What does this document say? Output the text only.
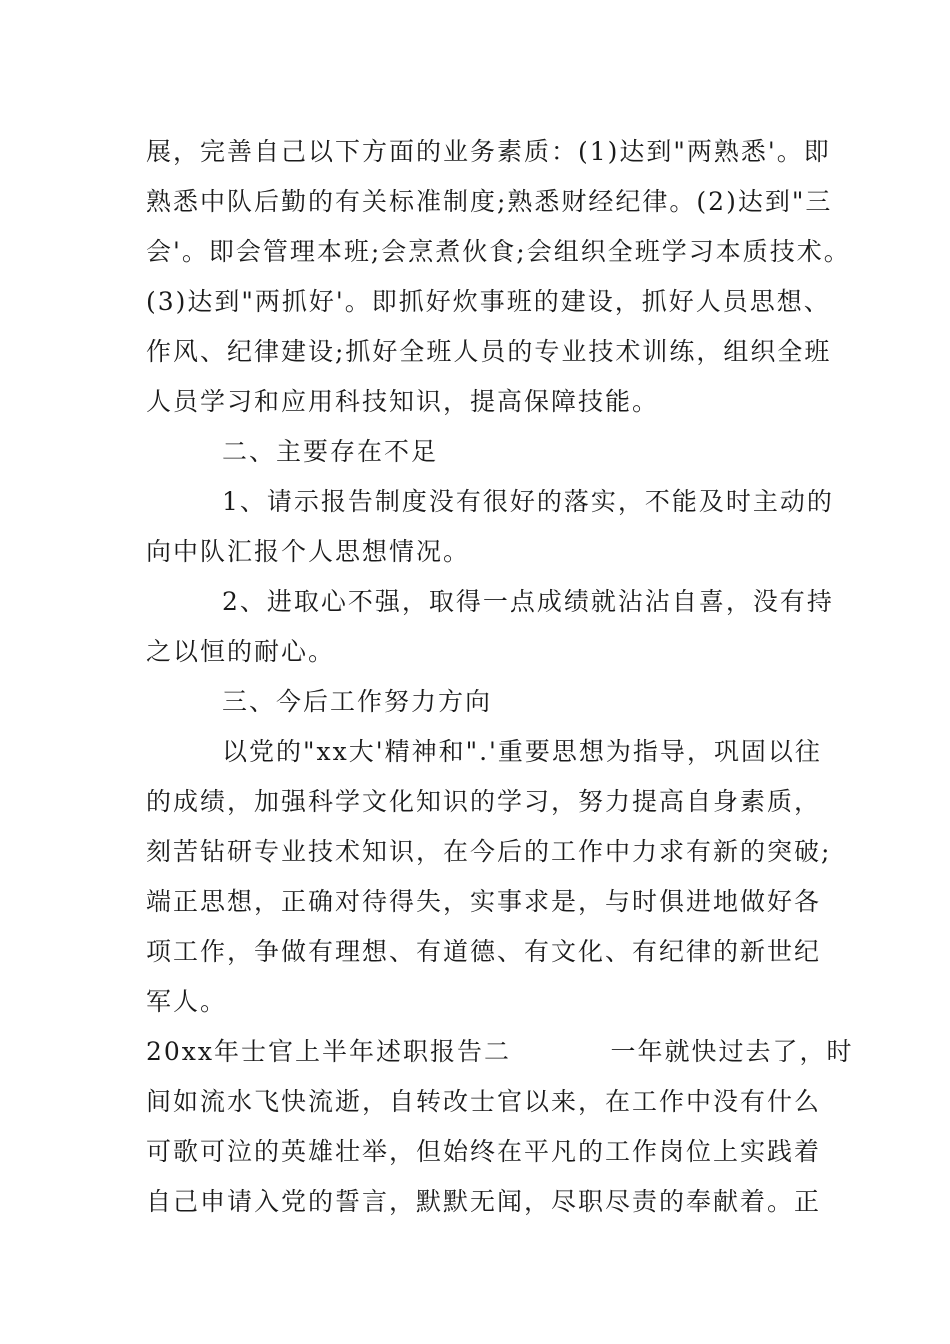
展，完善自己以下方面的业务素质：(1)达到"两熟悉'。即
熟悉中队后勤的有关标准制度;熟悉财经纪律。(2)达到"三
会'。即会管理本班;会烹煮伙食;会组织全班学习本质技术。
(3)达到"两抓好'。即抓好炊事班的建设，抓好人员思想、
作风、纪律建设;抓好全班人员的专业技术训练，组织全班
人员学习和应用科技知识，提高保障技能。
二、主要存在不足
1、请示报告制度没有很好的落实，不能及时主动的
向中队汇报个人思想情况。
2、进取心不强，取得一点成绩就沾沾自喜，没有持
之以恒的耐心。
三、今后工作努力方向
以党的"xx大'精神和".'重要思想为指导，巩固以往
的成绩，加强科学文化知识的学习，努力提高自身素质，
刻苦钻研专业技术知识，在今后的工作中力求有新的突破;
端正思想，正确对待得失，实事求是，与时俱进地做好各
项工作，争做有理想、有道德、有文化、有纪律的新世纪
军人。
20xx年士官上半年述职报告二          一年就快过去了，时
间如流水飞快流逝，自转改士官以来，在工作中没有什么
可歌可泣的英雄壮举，但始终在平凡的工作岗位上实践着
自己申请入党的誓言，默默无闻，尽职尽责的奉献着。正
